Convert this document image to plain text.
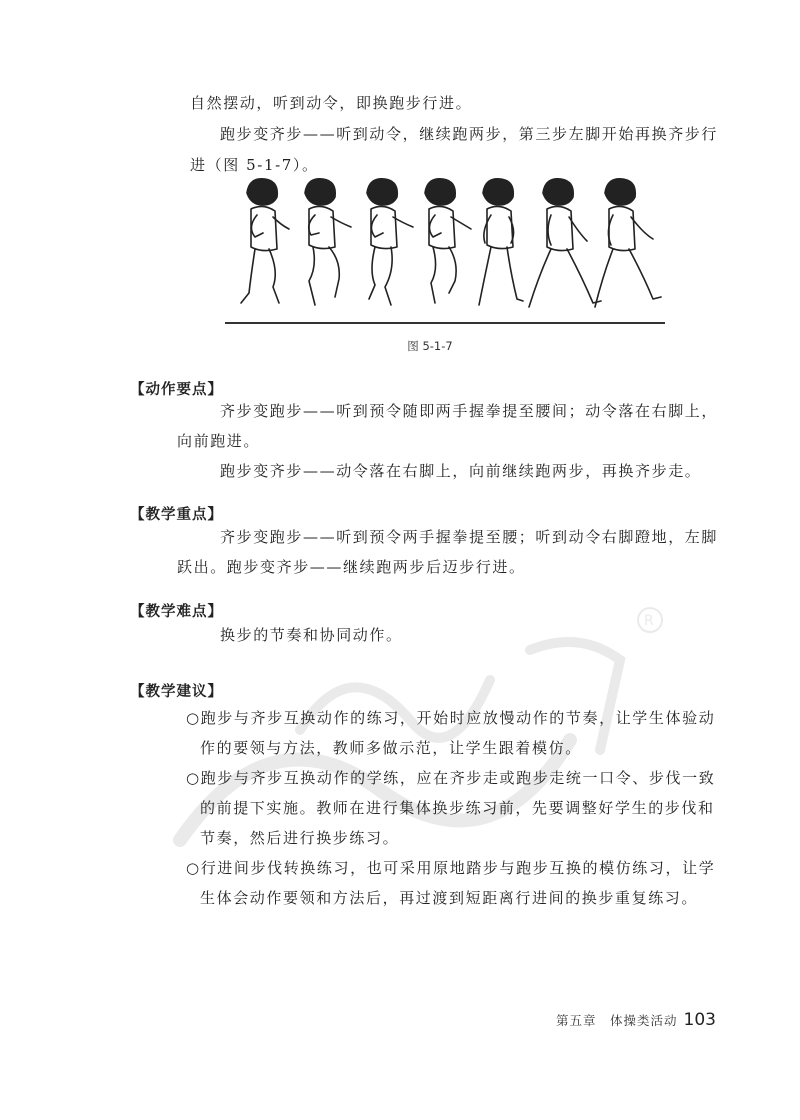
R

自然摆动，听到动令，即换跑步行进。

跑步变齐步——听到动令，继续跑两步，第三步左脚开始再换齐步行

进（图 5-1-7）。

图 5-1-7
【动作要点】

齐步变跑步——听到预令随即两手握拳提至腰间；动令落在右脚上，

向前跑进。

跑步变齐步——动令落在右脚上，向前继续跑两步，再换齐步走。

【教学重点】

齐步变跑步——听到预令两手握拳提至腰；听到动令右脚蹬地，左脚

跃出。跑步变齐步——继续跑两步后迈步行进。

【教学难点】

换步的节奏和协同动作。

【教学建议】

○跑步与齐步互换动作的练习，开始时应放慢动作的节奏，让学生体验动

作的要领与方法，教师多做示范，让学生跟着模仿。

○跑步与齐步互换动作的学练，应在齐步走或跑步走统一口令、步伐一致

的前提下实施。教师在进行集体换步练习前，先要调整好学生的步伐和

节奏，然后进行换步练习。

○行进间步伐转换练习，也可采用原地踏步与跑步互换的模仿练习，让学

生体会动作要领和方法后，再过渡到短距离行进间的换步重复练习。

第五章　体操类活动 103
